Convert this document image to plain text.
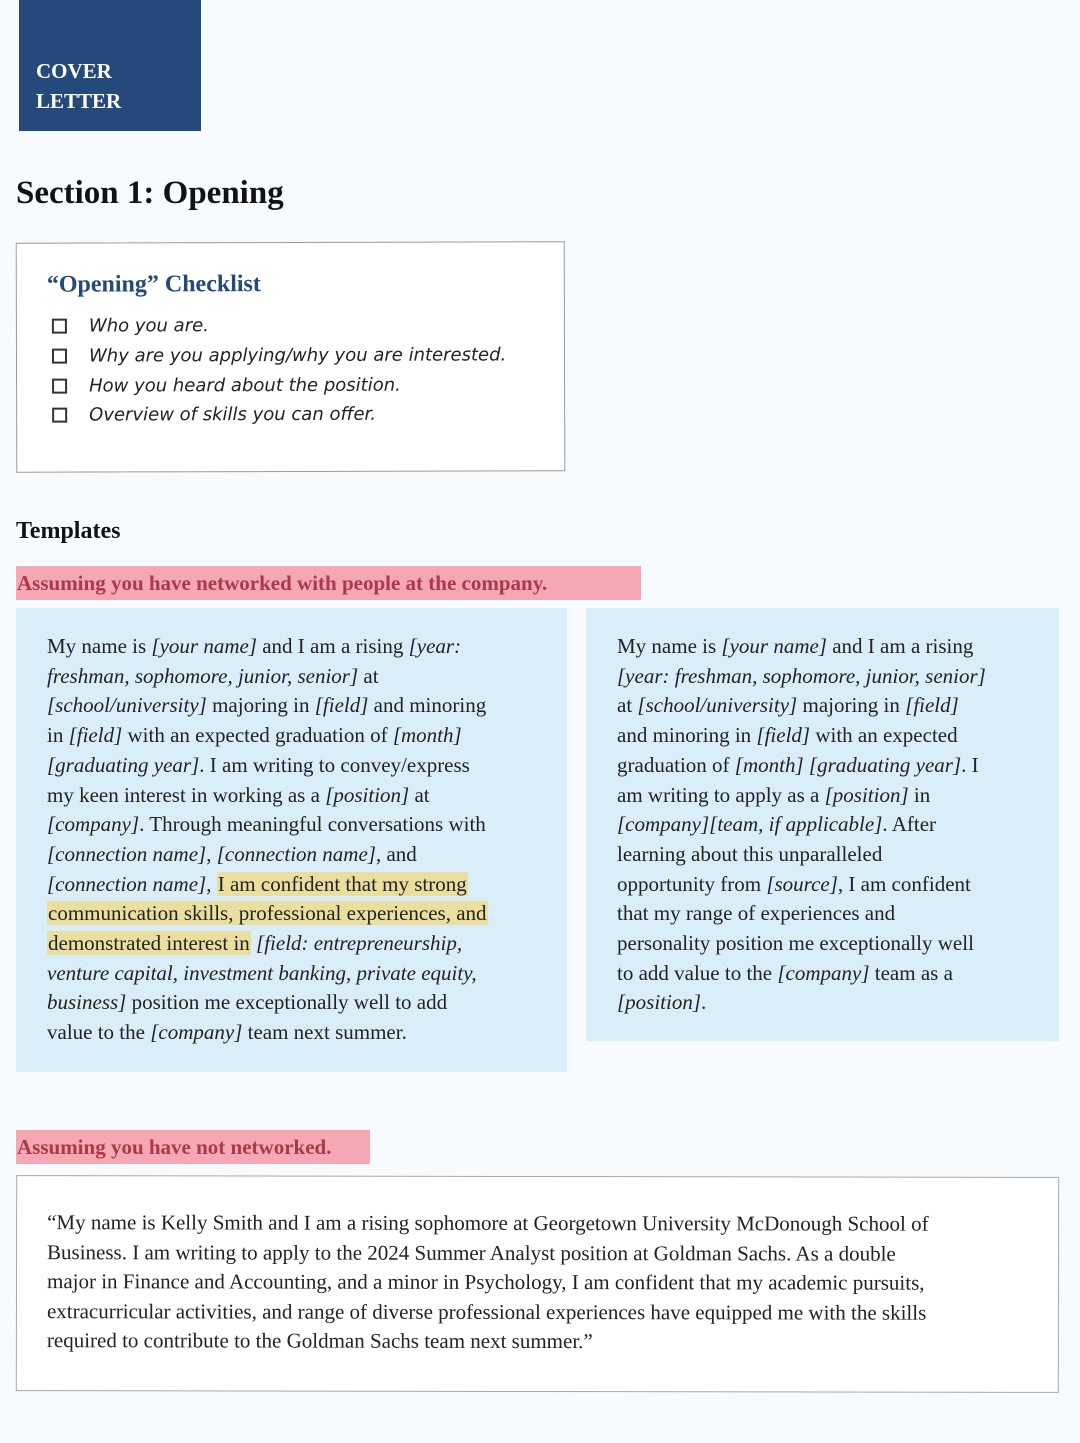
COVER
LETTER
Section 1: Opening
“Opening” Checklist
Who you are.
Why are you applying/why you are interested.
How you heard about the position.
Overview of skills you can offer.
Templates
Assuming you have networked with people at the company.
My name is [your name] and I am a rising [year:
freshman, sophomore, junior, senior] at
[school/university] majoring in [field] and minoring
in [field] with an expected graduation of [month]
[graduating year]. I am writing to convey/express
my keen interest in working as a [position] at
[company]. Through meaningful conversations with
[connection name], [connection name], and
[connection name], I am confident that my strong
communication skills, professional experiences, and
demonstrated interest in [field: entrepreneurship,
venture capital, investment banking, private equity,
business] position me exceptionally well to add
value to the [company] team next summer.
My name is [your name] and I am a rising
[year: freshman, sophomore, junior, senior]
at [school/university] majoring in [field]
and minoring in [field] with an expected
graduation of [month] [graduating year]. I
am writing to apply as a [position] in
[company][team, if applicable]. After
learning about this unparalleled
opportunity from [source], I am confident
that my range of experiences and
personality position me exceptionally well
to add value to the [company] team as a
[position].
Assuming you have not networked.
“My name is Kelly Smith and I am a rising sophomore at Georgetown University McDonough School of
Business. I am writing to apply to the 2024 Summer Analyst position at Goldman Sachs. As a double
major in Finance and Accounting, and a minor in Psychology, I am confident that my academic pursuits,
extracurricular activities, and range of diverse professional experiences have equipped me with the skills
required to contribute to the Goldman Sachs team next summer.”
